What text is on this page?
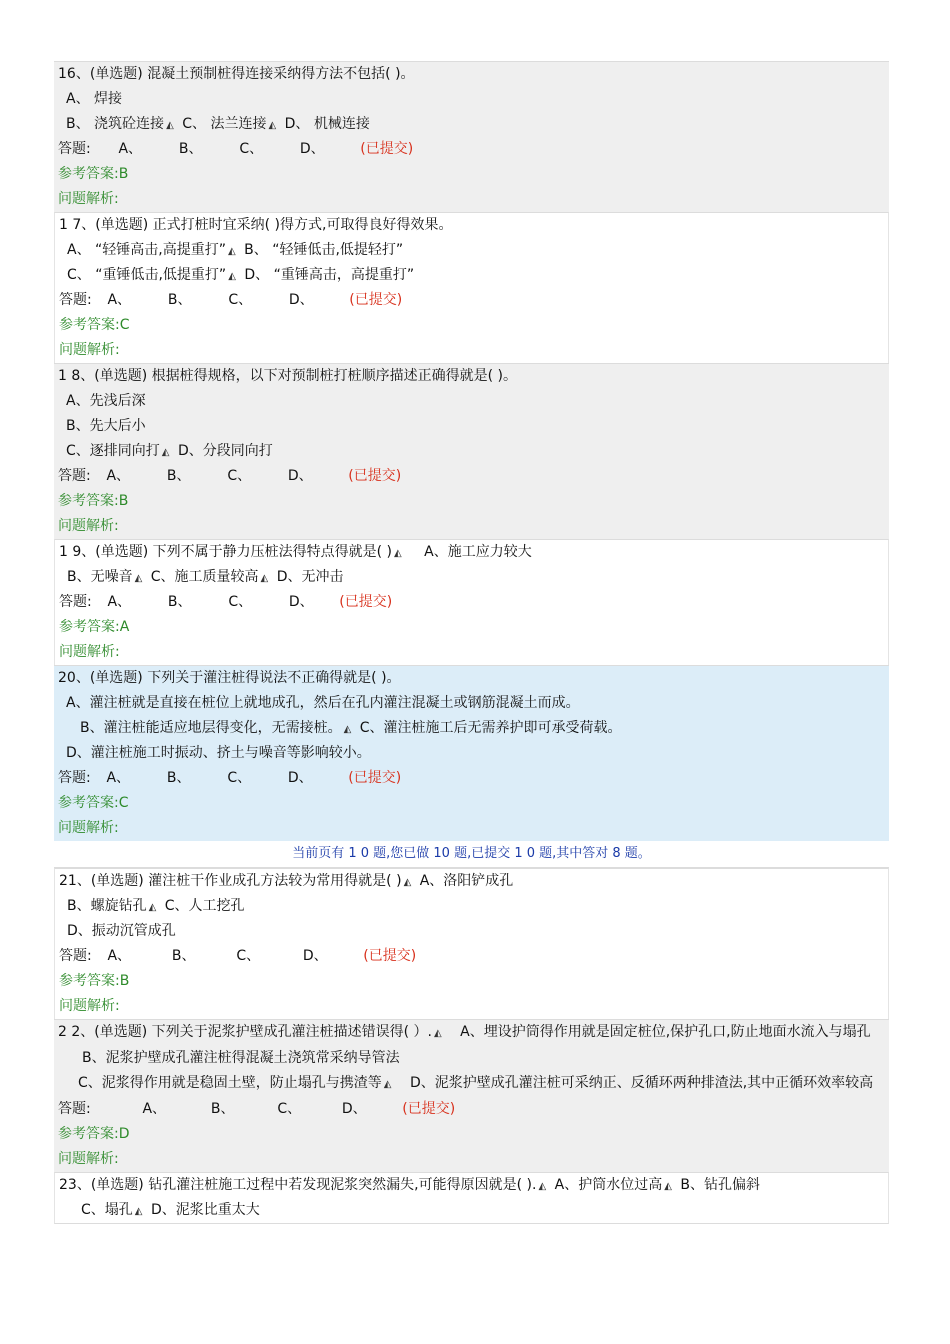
16、(单选题) 混凝土预制桩得连接采纳得方法不包括( )。
A、 焊接
B、 浇筑砼连接 ◭ C、 法兰连接 ◭ D、 机械连接
答题: A、	B、	C、	D、	(已提交)
参考答案:B
问题解析:
1 7、(单选题) 正式打桩时宜采纳( )得方式,可取得良好得效果。
A、 “轻锤高击,高提重打” ◭ B、 “轻锤低击,低提轻打”
C、 “重锤低击,低提重打” ◭ D、 “重锤高击，高提重打”
答题: A、	B、	C、	D、	(已提交)
参考答案:C
问题解析:
1 8、(单选题) 根据桩得规格，以下对预制桩打桩顺序描述正确得就是( )。
A、先浅后深
B、先大后小
C、逐排同向打 ◭ D、分段同向打
答题: A、	B、	C、	D、	(已提交)
参考答案:B
问题解析:
1 9、(单选题) 下列不属于静力压桩法得特点得就是( ) ◭ A、施工应力较大
B、无噪音 ◭ C、施工质量较高 ◭ D、无冲击
答题: A、	B、	C、	D、 (已提交)
参考答案:A
问题解析:
20、(单选题) 下列关于灌注桩得说法不正确得就是( )。
A、灌注桩就是直接在桩位上就地成孔，然后在孔内灌注混凝土或钢筋混凝土而成。
B、灌注桩能适应地层得变化，无需接桩。 ◭ C、灌注桩施工后无需养护即可承受荷载。
D、灌注桩施工时振动、挤土与噪音等影响较小。
答题: A、	B、	C、	D、	(已提交)
参考答案:C
问题解析:
当前页有 1 0 题,您已做 10 题,已提交 1 0 题,其中答对 8 题。
21、(单选题) 灌注桩干作业成孔方法较为常用得就是( ) ◭ A、洛阳铲成孔
B、螺旋钻孔 ◭ C、人工挖孔
D、振动沉管成孔
答题: A、	B、	C、	D、	(已提交)
参考答案:B
问题解析:
2 2、(单选题) 下列关于泥浆护壁成孔灌注桩描述错误得( ）. ◭ A、埋设护筒得作用就是固定桩位,保护孔口,防止地面水流入与塌孔
B、泥浆护壁成孔灌注桩得混凝土浇筑常采纳导管法
C、泥浆得作用就是稳固土壁，防止塌孔与携渣等 ◭ D、泥浆护壁成孔灌注桩可采纳正、反循环两种排渣法,其中正循环效率较高
答题:	A、	B、	C、	D、	(已提交)
参考答案:D
问题解析:
23、(单选题) 钻孔灌注桩施工过程中若发现泥浆突然漏失,可能得原因就是( ). ◭ A、护筒水位过高 ◭ B、钻孔偏斜
C、塌孔 ◭ D、泥浆比重太大
